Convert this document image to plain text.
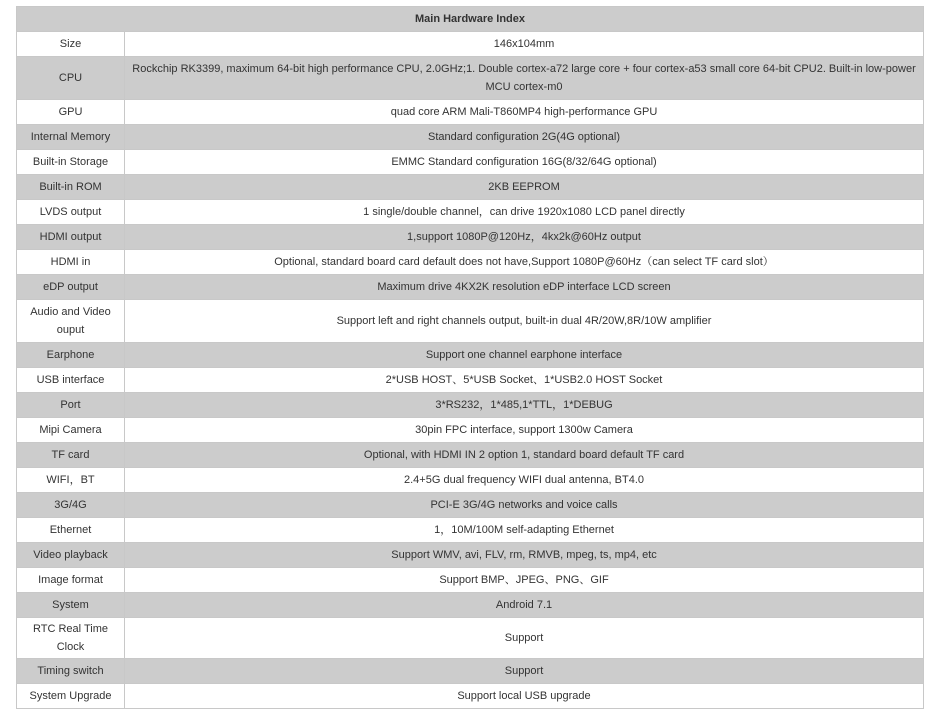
Main Hardware Index	
Size	146x104mm
CPU	Rockchip RK3399, maximum 64-bit high performance CPU, 2.0GHz;1. Double cortex-a72 large core + four cortex-a53 small core 64-bit CPU2. Built-in low-power MCU cortex-m0
GPU	quad core ARM Mali-T860MP4 high-performance GPU
Internal Memory	Standard configuration 2G(4G optional)
Built-in Storage	EMMC Standard configuration 16G(8/32/64G optional)
Built-in ROM	2KB EEPROM
LVDS output	1 single/double channel，can drive 1920x1080 LCD panel directly
HDMI output	1,support 1080P@120Hz，4kx2k@60Hz output
HDMI in	Optional, standard board card default does not have,Support 1080P@60Hz（can select TF card slot）
eDP output	Maximum drive 4KX2K resolution eDP interface LCD screen
Audio and Video ouput	Support left and right channels output, built-in dual 4R/20W,8R/10W amplifier
Earphone	Support one channel earphone interface
USB interface	2*USB HOST、5*USB Socket、1*USB2.0 HOST Socket
Port	3*RS232，1*485,1*TTL，1*DEBUG
Mipi Camera	30pin FPC interface, support 1300w Camera
TF card	Optional, with HDMI IN 2 option 1, standard board default TF card
WIFI，BT	2.4+5G dual frequency WIFI dual antenna, BT4.0
3G/4G	PCI-E 3G/4G networks and voice calls
Ethernet	1，10M/100M self-adapting Ethernet
Video playback	Support WMV, avi, FLV, rm, RMVB, mpeg, ts, mp4, etc
Image format	Support BMP、JPEG、PNG、GIF
System	Android 7.1
RTC Real Time Clock	Support
Timing switch	Support
System Upgrade	Support local USB upgrade
